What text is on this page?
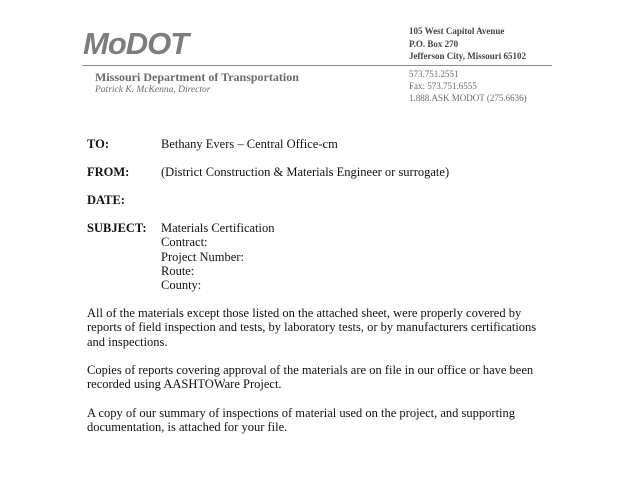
MoDOT	105 West Capitol Avenue
P.O. Box 270
Jefferson City, Missouri 65102
Missouri Department of Transportation
Patrick K. McKenna, Director
573.751.2551
Fax: 573.751.6555
1.888.ASK MODOT (275.6636)
TO:	Bethany Evers – Central Office-cm
FROM:	(District Construction & Materials Engineer or surrogate)
DATE:
SUBJECT: Materials Certification
Contract:
Project Number:
Route:
County:

All of the materials except those listed on the attached sheet, were properly covered by reports of field inspection and tests, by laboratory tests, or by manufacturers certifications and inspections.

Copies of reports covering approval of the materials are on file in our office or have been recorded using AASHTOWare Project.

A copy of our summary of inspections of material used on the project, and supporting documentation, is attached for your file.
